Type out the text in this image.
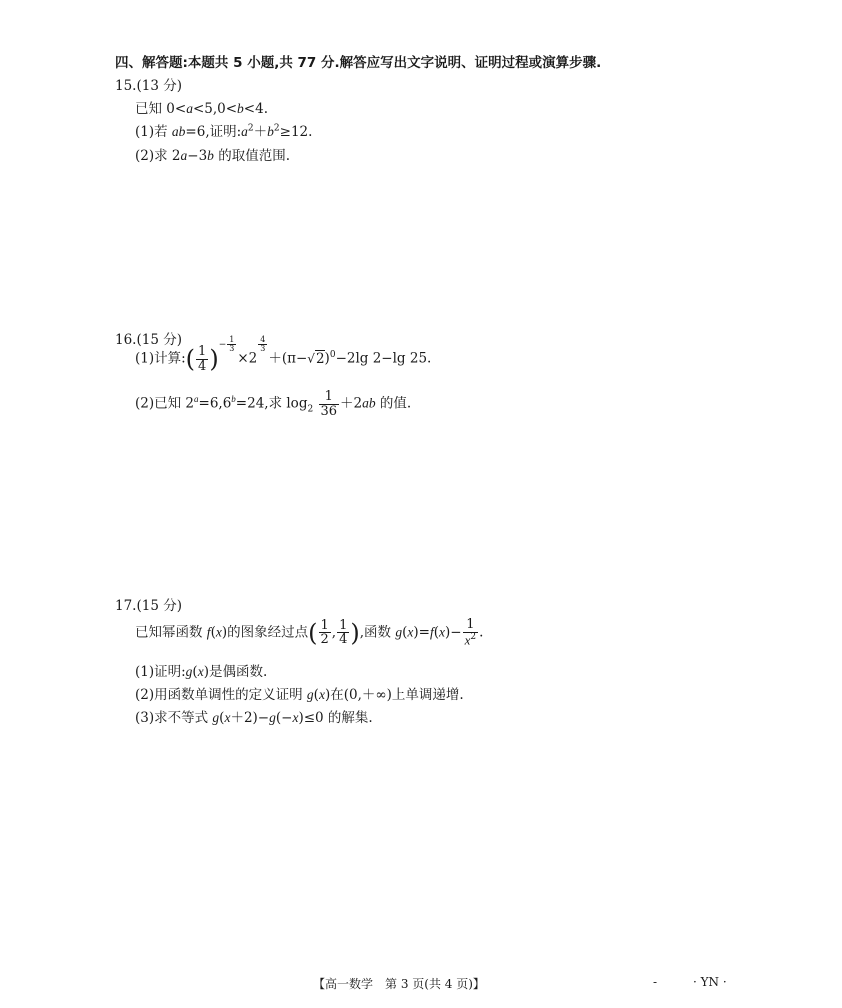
四、解答题:本题共 5 小题,共 77 分.解答应写出文字说明、证明过程或演算步骤.
15.(13 分)
已知 0<a<5,0<b<4.
(1)若 ab=6,证明$:a^2+b^2\ge 12$.
(2)求 2a−3b 的取值范围.
16.(15 分)
(1)计算:( $\frac{1}{4} )^{- \frac{1}{3}}$
×2
$^{\frac{4}{3}}$
$+(\pi-√2)^0-2\lg$ 2−lg 25.
(2)已知 $2^a=6,6^b=24$,求 $\log_2 \frac{1}{36} +2ab$ 的值.
17.(15 分)
已知幂函数 f(x)的图象经过点( $\frac{1}{2}$ , $\frac{1}{4}$ ),函数 $g(x)=f(x)- \frac{1}{x^2}$ .
(1)证明:g(x)是偶函数.
(2)用函数单调性的定义证明 g(x)在(0,＋∞)上单调递增.
(3)求不等式 g(x＋2)−g(−x)≤0 的解集.
【高一数学　第 3 页(共 4 页)】	-	· YN ·
